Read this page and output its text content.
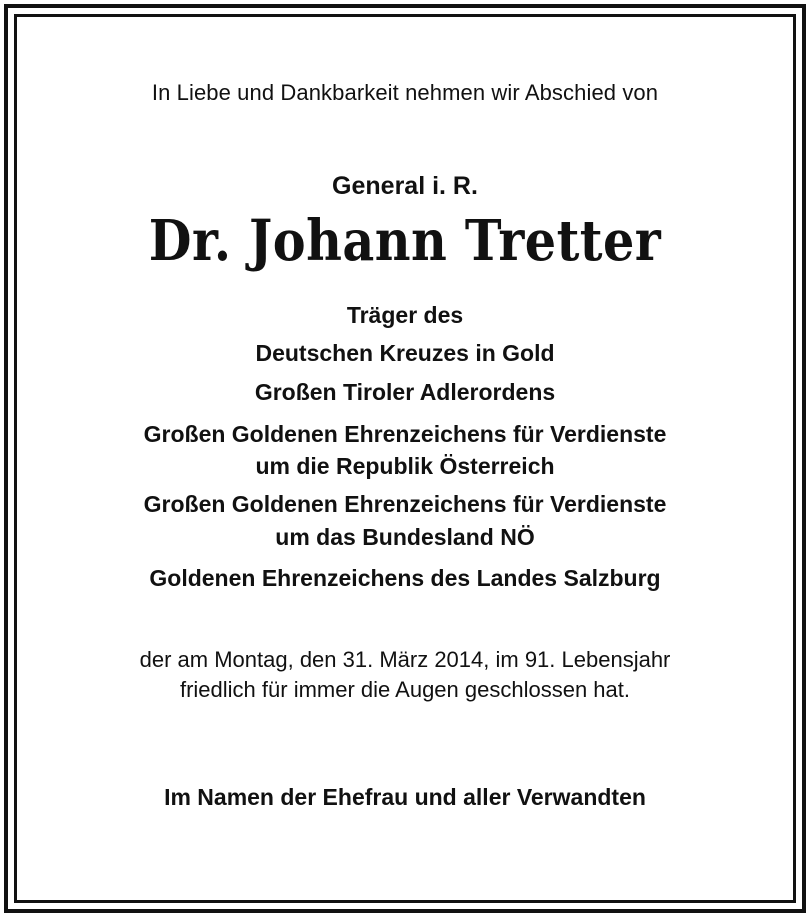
In Liebe und Dankbarkeit nehmen wir Abschied von
General i. R.
Dr. Johann Tretter
Träger des
Deutschen Kreuzes in Gold
Großen Tiroler Adlerordens
Großen Goldenen Ehrenzeichens für Verdienste
um die Republik Österreich
Großen Goldenen Ehrenzeichens für Verdienste
um das Bundesland NÖ
Goldenen Ehrenzeichens des Landes Salzburg
der am Montag, den 31. März 2014, im 91. Lebensjahr
friedlich für immer die Augen geschlossen hat.
Im Namen der Ehefrau und aller Verwandten
